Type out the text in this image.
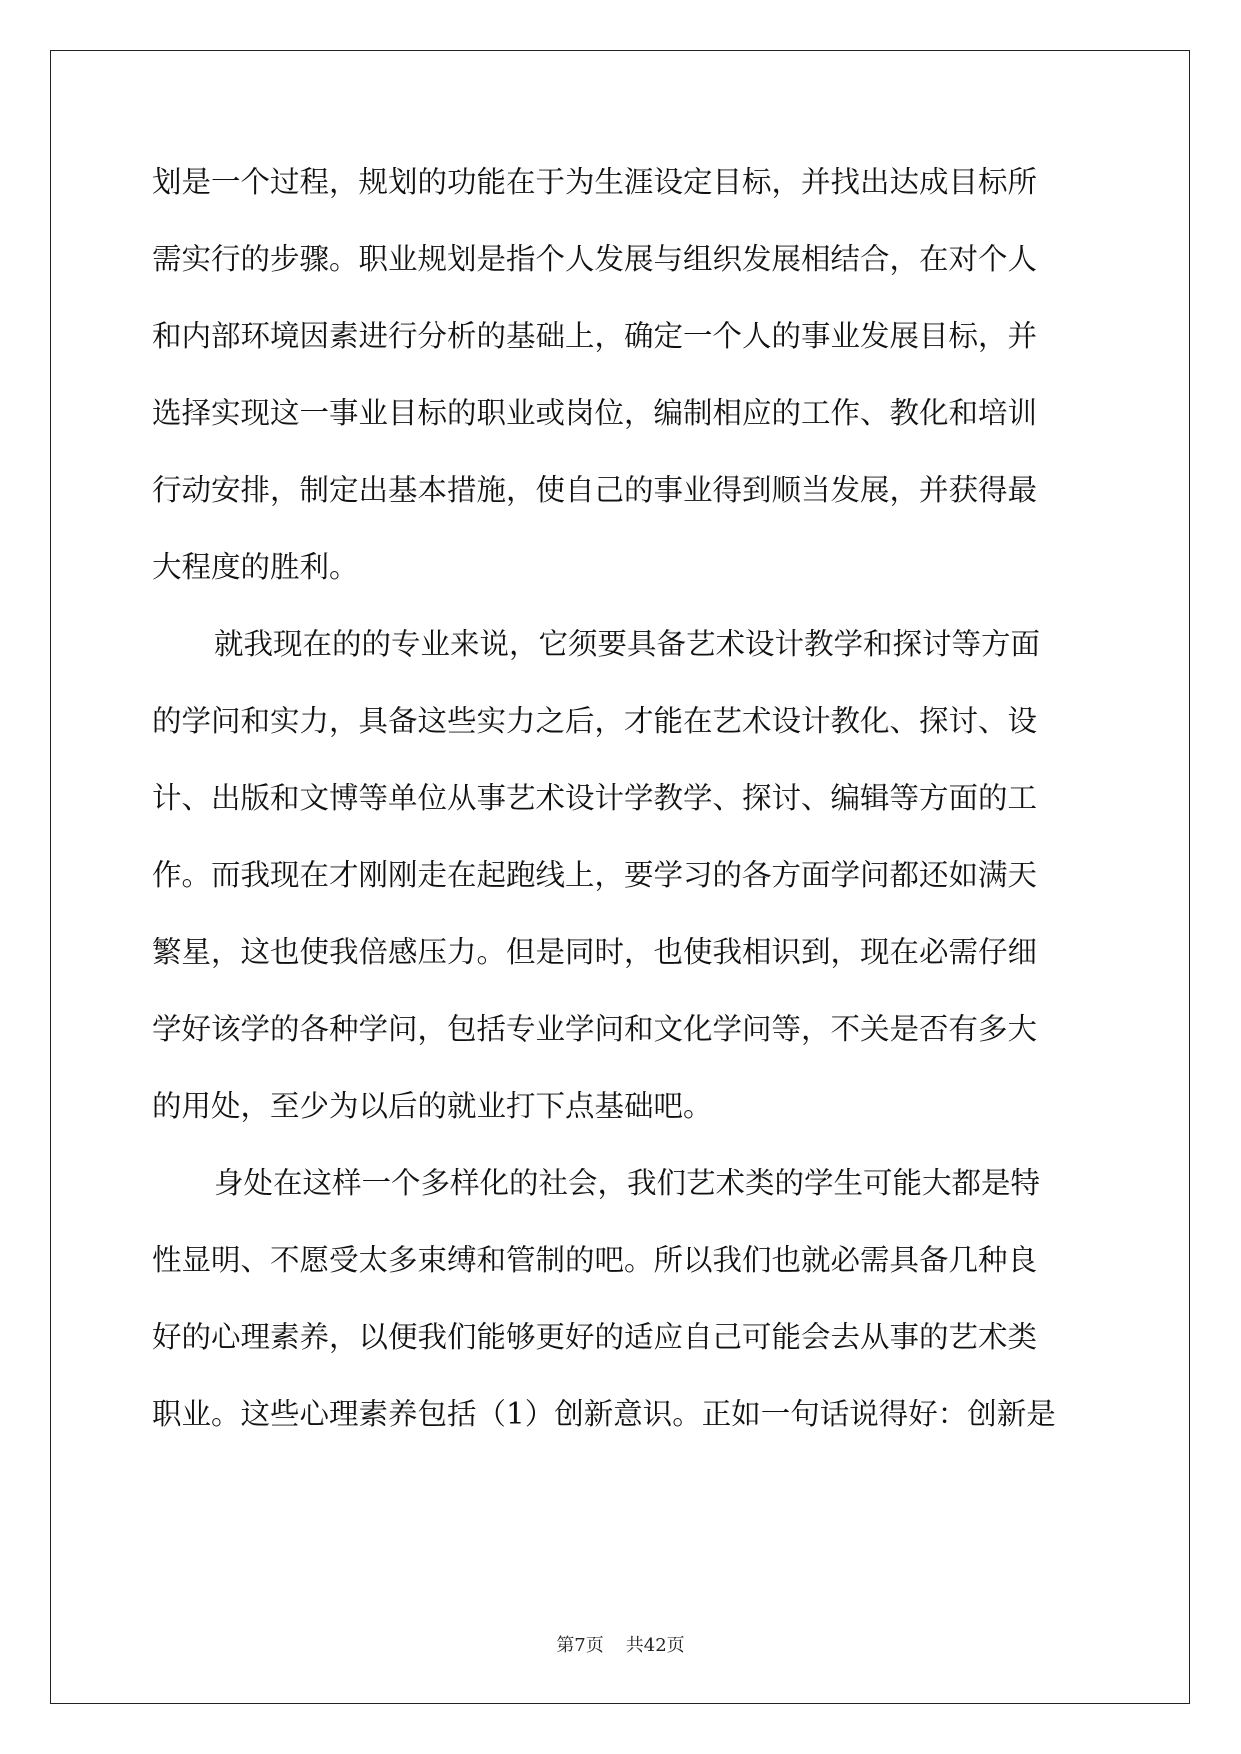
划是一个过程，规划的功能在于为生涯设定目标，并找出达成目标所
需实行的步骤。职业规划是指个人发展与组织发展相结合，在对个人
和内部环境因素进行分析的基础上，确定一个人的事业发展目标，并
选择实现这一事业目标的职业或岗位，编制相应的工作、教化和培训
行动安排，制定出基本措施，使自己的事业得到顺当发展，并获得最
大程度的胜利。
就我现在的的专业来说，它须要具备艺术设计教学和探讨等方面
的学问和实力，具备这些实力之后，才能在艺术设计教化、探讨、设
计、出版和文博等单位从事艺术设计学教学、探讨、编辑等方面的工
作。而我现在才刚刚走在起跑线上，要学习的各方面学问都还如满天
繁星，这也使我倍感压力。但是同时，也使我相识到，现在必需仔细
学好该学的各种学问，包括专业学问和文化学问等，不关是否有多大
的用处，至少为以后的就业打下点基础吧。
身处在这样一个多样化的社会，我们艺术类的学生可能大都是特
性显明、不愿受太多束缚和管制的吧。所以我们也就必需具备几种良
好的心理素养，以便我们能够更好的适应自己可能会去从事的艺术类
职业。这些心理素养包括（1）创新意识。正如一句话说得好：创新是
第7页 共42页
